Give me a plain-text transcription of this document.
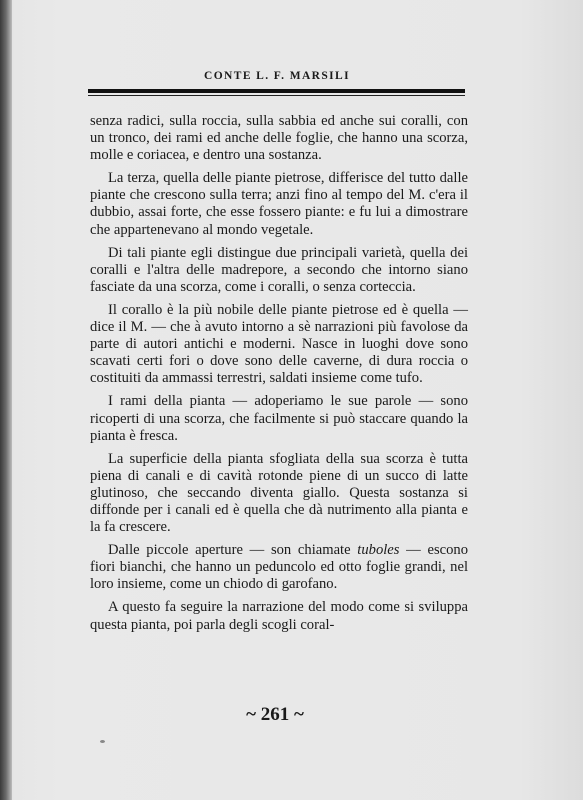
CONTE L. F. MARSILI

senza radici, sulla roccia, sulla sabbia ed anche sui coralli, con un tronco, dei rami ed anche delle foglie, che hanno una scorza, molle e coriacea, e dentro una sostanza.

La terza, quella delle piante pietrose, differisce del tutto dalle piante che crescono sulla terra; anzi fino al tempo del M. c'era il dubbio, assai forte, che esse fossero piante: e fu lui a dimostrare che appartenevano al mondo vegetale.

Di tali piante egli distingue due principali varietà, quella dei coralli e l'altra delle madrepore, a secondo che intorno siano fasciate da una scorza, come i coralli, o senza corteccia.

Il corallo è la più nobile delle piante pietrose ed è quella — dice il M. — che à avuto intorno a sè narrazioni più favolose da parte di autori antichi e moderni. Nasce in luoghi dove sono scavati certi fori o dove sono delle caverne, di dura roccia o costituiti da ammassi terrestri, saldati insieme come tufo.

I rami della pianta — adoperiamo le sue parole — sono ricoperti di una scorza, che facilmente si può staccare quando la pianta è fresca.

La superficie della pianta sfogliata della sua scorza è tutta piena di canali e di cavità rotonde piene di un succo di latte glutinoso, che seccando diventa giallo. Questa sostanza si diffonde per i canali ed è quella che dà nutrimento alla pianta e la fa crescere.

Dalle piccole aperture — son chiamate tuboles — escono fiori bianchi, che hanno un peduncolo ed otto foglie grandi, nel loro insieme, come un chiodo di garofano.

A questo fa seguire la narrazione del modo come si sviluppa questa pianta, poi parla degli scogli coral-

~ 261 ~
